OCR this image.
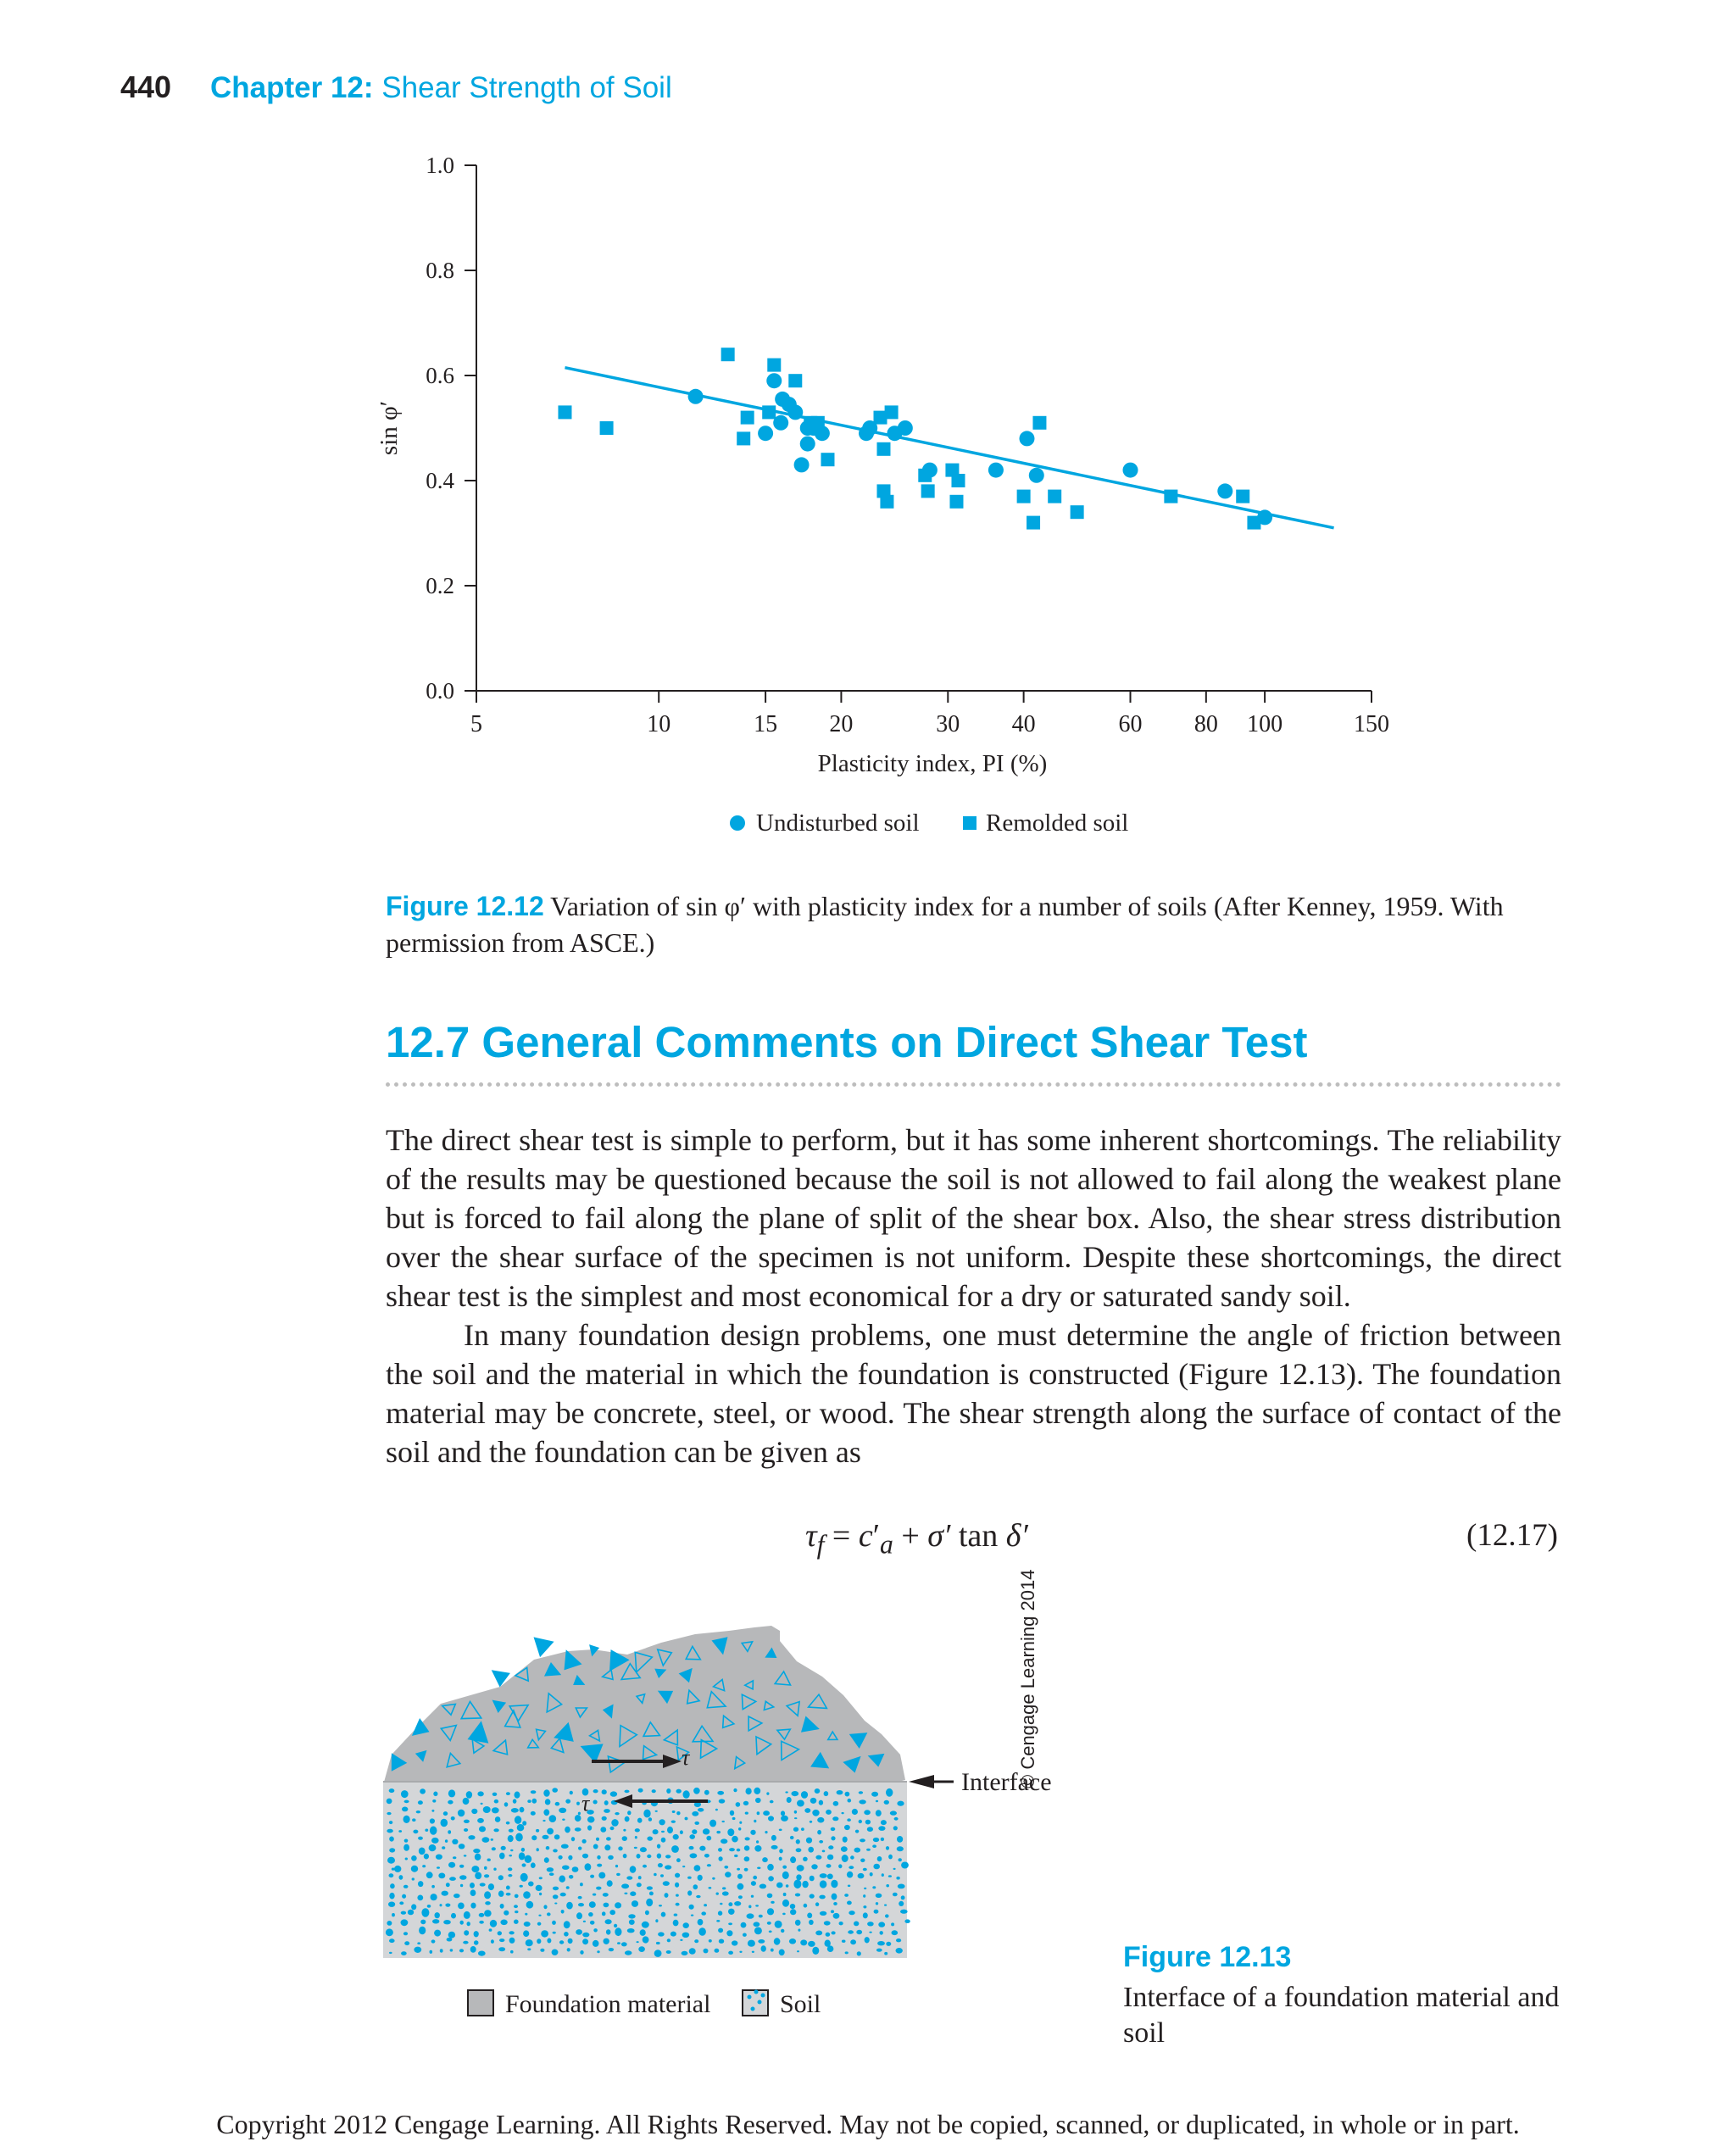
440 Chapter 12: Shear Strength of Soil
0.0
0.2
0.4
0.6
0.8
1.0
5	10	15 20	30 40	60 80 100	150
Plasticity index, PI (%)
sin φ′
Undisturbed soil	Remolded soil
Figure 12.12 Variation of sin φ′ with plasticity index for a number of soils (After Kenney, 1959. With permission from ASCE.)
12.7 General Comments on Direct Shear Test

The direct shear test is simple to perform, but it has some inherent shortcomings. The reliability of the results may be questioned because the soil is not allowed to fail along the weakest plane but is forced to fail along the plane of split of the shear box. Also, the shear stress distribution over the shear surface of the specimen is not uniform. Despite these shortcomings, the direct shear test is the simplest and most economical for a dry or saturated sandy soil.

In many foundation design problems, one must determine the angle of friction between the soil and the material in which the foundation is constructed (Figure 12.13). The foundation material may be concrete, steel, or wood. The shear strength along the surface of contact of the soil and the foundation can be given as

$\tau_f = c'_a + \sigma'$ tan δ′	(12.17)
τ
τ
Interface
Foundation material	Soil
© Cengage Learning 2014
Figure 12.13
Interface of a foundation material and soil
Copyright 2012 Cengage Learning. All Rights Reserved. May not be copied, scanned, or duplicated, in whole or in part.
